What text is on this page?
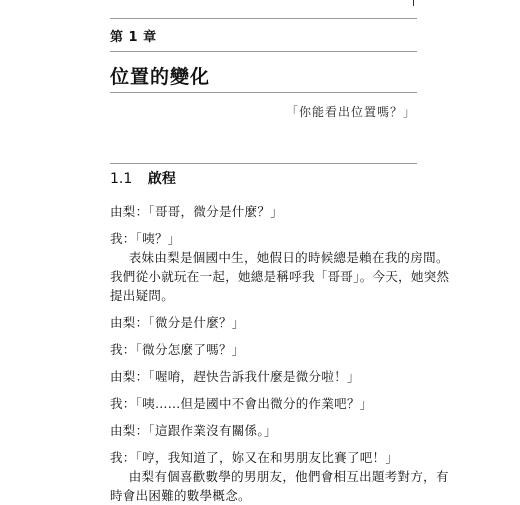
第 1 章
位置的變化
「你能看出位置嗎？」
1.1 啟程

由梨：「哥哥，微分是什麼？」

我：「咦？」

表妹由梨是個國中生，她假日的時候總是賴在我的房間。

我們從小就玩在一起，她總是稱呼我「哥哥」。今天，她突然

提出疑問。

由梨：「微分是什麼？」

我：「微分怎麼了嗎？」

由梨：「喔唷，趕快告訴我什麼是微分啦！」

我：「咦……但是國中不會出微分的作業吧？」

由梨：「這跟作業沒有關係。」

我：「哼，我知道了，妳又在和男朋友比賽了吧！」

由梨有個喜歡數學的男朋友，他們會相互出題考對方，有

時會出困難的數學概念。
